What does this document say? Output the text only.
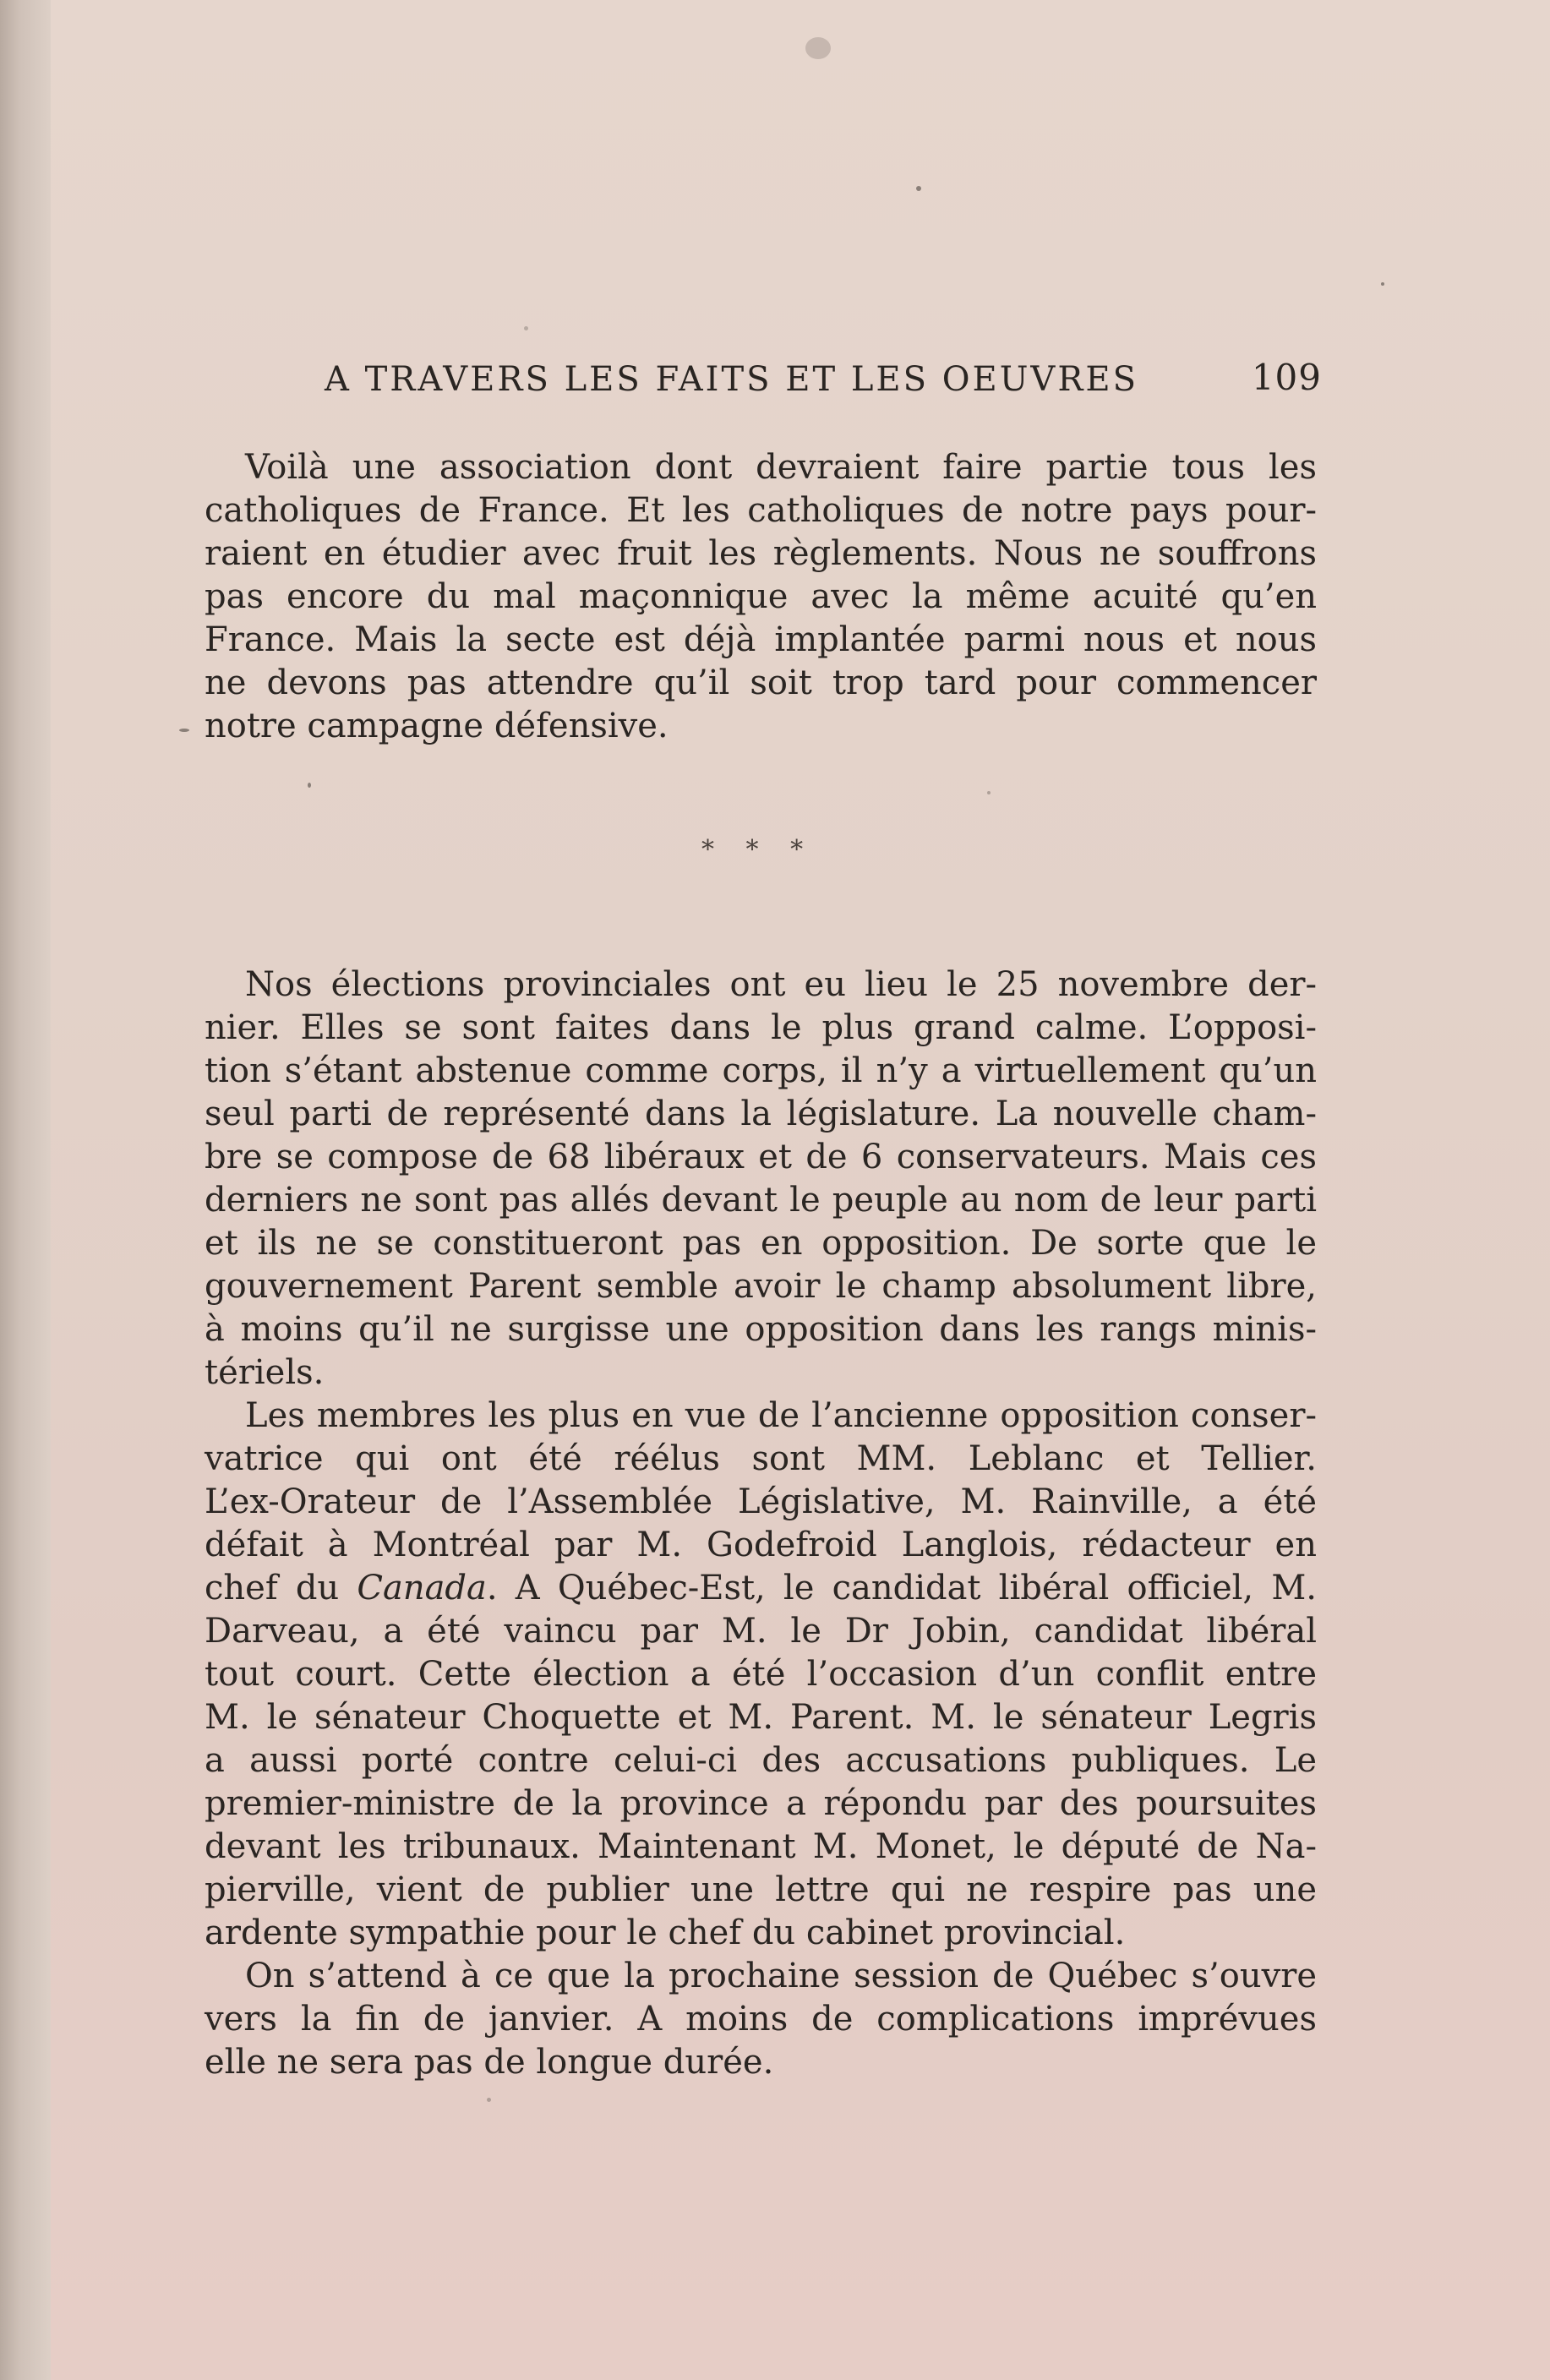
A TRAVERS LES FAITS ET LES OEUVRES	109
Voilà une association dont devraient faire partie tous les
catholiques de France. Et les catholiques de notre pays pour-
raient en étudier avec fruit les règlements. Nous ne souffrons
pas encore du mal maçonnique avec la même acuité qu’en
France. Mais la secte est déjà implantée parmi nous et nous
ne devons pas attendre qu’il soit trop tard pour commencer
notre campagne défensive.
* * *
Nos élections provinciales ont eu lieu le 25 novembre der-
nier. Elles se sont faites dans le plus grand calme. L’opposi-
tion s’étant abstenue comme corps, il n’y a virtuellement qu’un
seul parti de représenté dans la législature. La nouvelle cham-
bre se compose de 68 libéraux et de 6 conservateurs. Mais ces
derniers ne sont pas allés devant le peuple au nom de leur parti
et ils ne se constitueront pas en opposition. De sorte que le
gouvernement Parent semble avoir le champ absolument libre,
à moins qu’il ne surgisse une opposition dans les rangs minis-
tériels.
Les membres les plus en vue de l’ancienne opposition conser-
vatrice qui ont été réélus sont MM. Leblanc et Tellier.
L’ex-Orateur de l’Assemblée Législative, M. Rainville, a été
défait à Montréal par M. Godefroid Langlois, rédacteur en
chef du Canada. A Québec-Est, le candidat libéral officiel, M.
Darveau, a été vaincu par M. le Dr Jobin, candidat libéral
tout court. Cette élection a été l’occasion d’un conflit entre
M. le sénateur Choquette et M. Parent. M. le sénateur Legris
a aussi porté contre celui-ci des accusations publiques. Le
premier-ministre de la province a répondu par des poursuites
devant les tribunaux. Maintenant M. Monet, le député de Na-
pierville, vient de publier une lettre qui ne respire pas une
ardente sympathie pour le chef du cabinet provincial.
On s’attend à ce que la prochaine session de Québec s’ouvre
vers la fin de janvier. A moins de complications imprévues
elle ne sera pas de longue durée.
